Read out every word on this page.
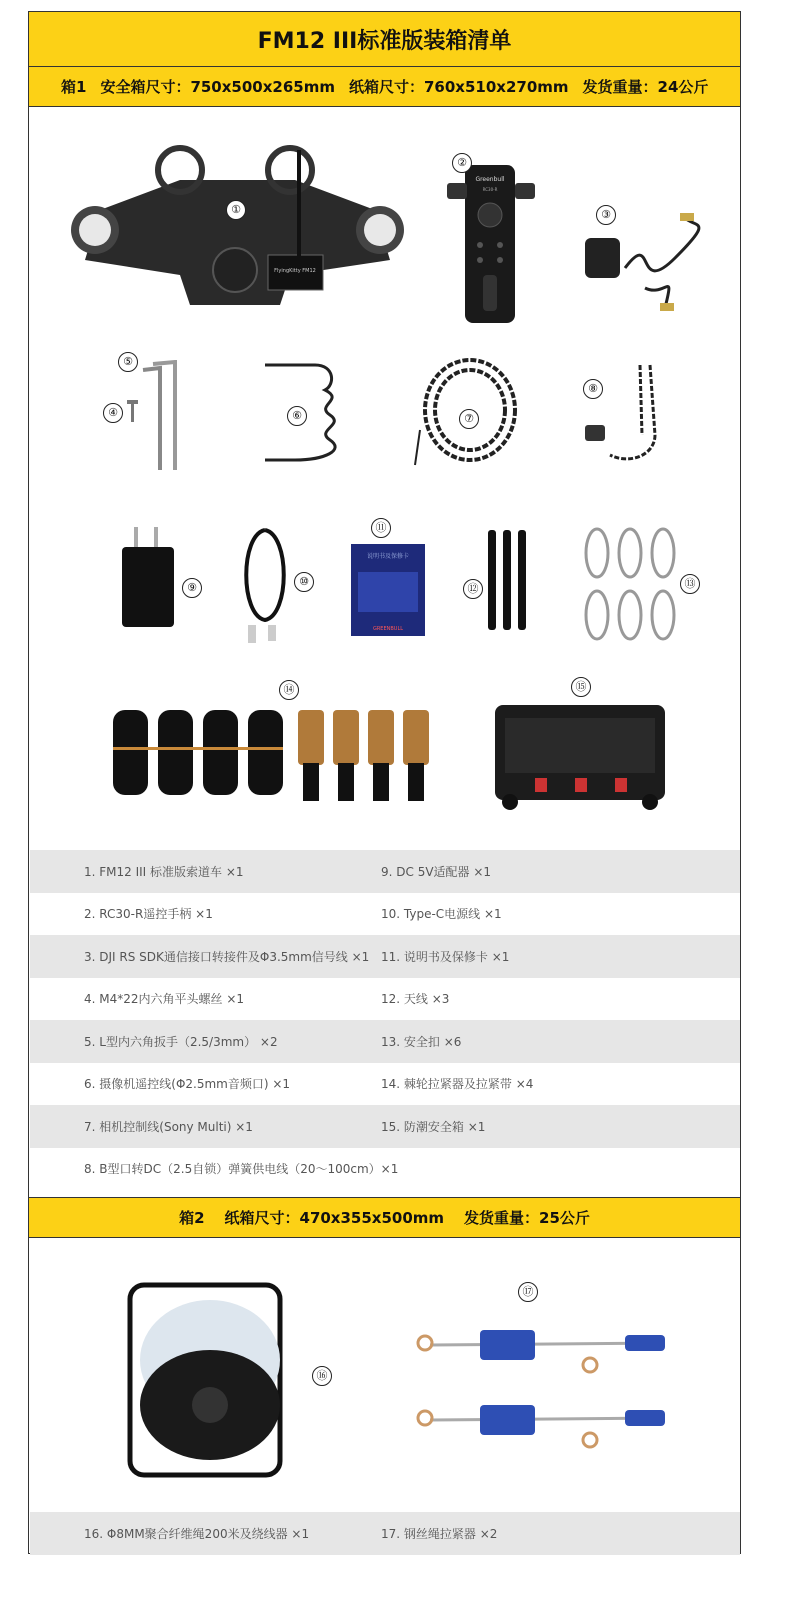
FM12 III标准版装箱清单
箱1 安全箱尺寸：750x500x265mm 纸箱尺寸：760x510x270mm 发货重量：24公斤
FlyingKitty FM12
①
Greenbull
RC30-R
②
③
⑤
④	⑥	⑦
⑧
⑨	⑩
说明书及保修卡
GREENBULL
⑪
⑫	⑬
⑭	⑮
1. FM12 III 标准版索道车 ×1	9. DC 5V适配器 ×1
2. RC30-R遥控手柄 ×1	10. Type-C电源线 ×1
3. DJI RS SDK通信接口转接件及Φ3.5mm信号线 ×1 11. 说明书及保修卡 ×1
4. M4*22内六角平头螺丝 ×1	12. 天线 ×3
5. L型内六角扳手（2.5/3mm） ×2	13. 安全扣 ×6
6. 摄像机遥控线(Φ2.5mm音频口) ×1	14. 棘轮拉紧器及拉紧带 ×4
7. 相机控制线(Sony Multi) ×1	15. 防潮安全箱 ×1
8. B型口转DC（2.5自锁）弹簧供电线（20～100cm）×1
箱2 纸箱尺寸：470x355x500mm 发货重量：25公斤
⑯
⑰
16. Φ8MM聚合纤维绳200米及绕线器 ×1	17. 钢丝绳拉紧器 ×2
